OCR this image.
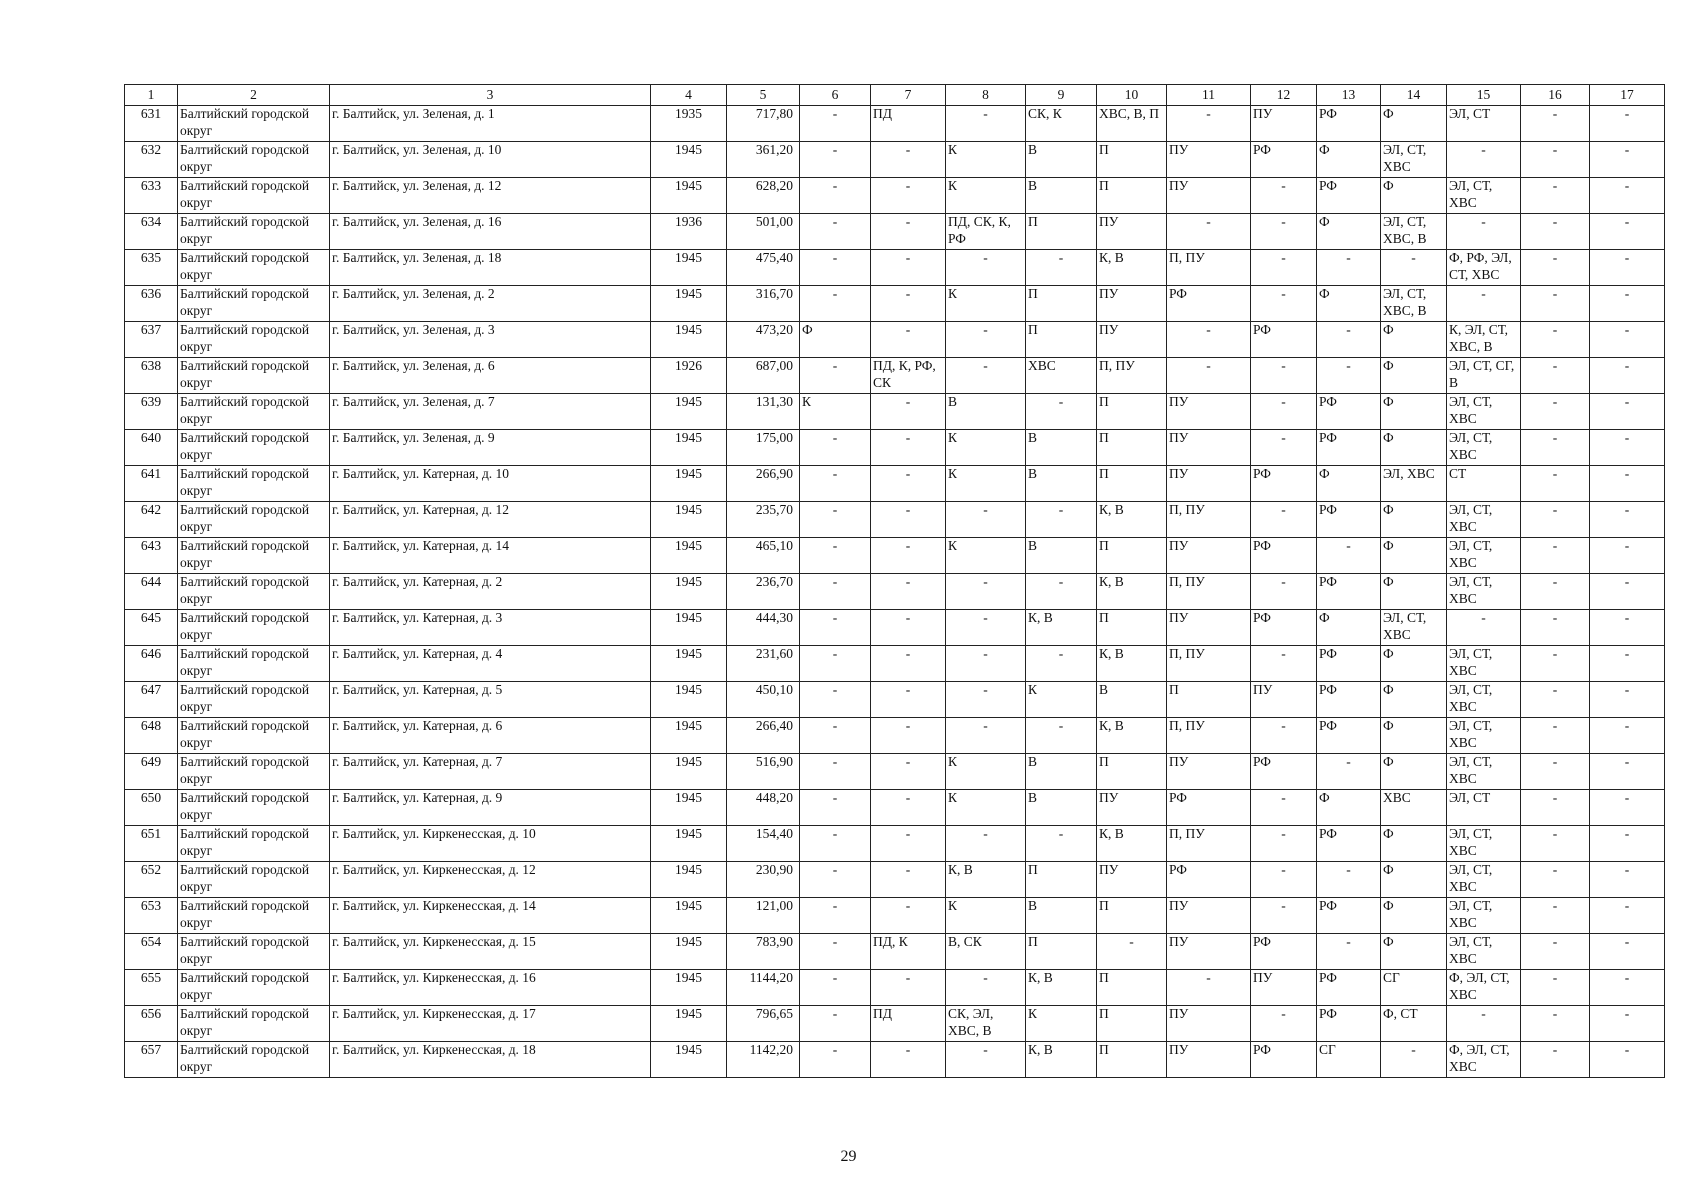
1	2	3	4	5	6	7	8	9	10	11	12	13	14	15	16	17
631	Балтийский городской округ	г. Балтийск, ул. Зеленая, д. 1	1935	717,80	-	ПД	-	СК, К	ХВС, В, П	-	ПУ	РФ	Ф	ЭЛ, СТ	-	-
632	Балтийский городской округ	г. Балтийск, ул. Зеленая, д. 10	1945	361,20	-	-	К	В	П	ПУ	РФ	Ф	ЭЛ, СТ, ХВС	-	-	-
633	Балтийский городской округ	г. Балтийск, ул. Зеленая, д. 12	1945	628,20	-	-	К	В	П	ПУ	-	РФ	Ф	ЭЛ, СТ, ХВС	-	-
634	Балтийский городской округ	г. Балтийск, ул. Зеленая, д. 16	1936	501,00	-	-	ПД, СК, К, РФ	П	ПУ	-	-	Ф	ЭЛ, СТ, ХВС, В	-	-	-
635	Балтийский городской округ	г. Балтийск, ул. Зеленая, д. 18	1945	475,40	-	-	-	-	К, В	П, ПУ	-	-	-	Ф, РФ, ЭЛ, СТ, ХВС	-	-
636	Балтийский городской округ	г. Балтийск, ул. Зеленая, д. 2	1945	316,70	-	-	К	П	ПУ	РФ	-	Ф	ЭЛ, СТ, ХВС, В	-	-	-
637	Балтийский городской округ	г. Балтийск, ул. Зеленая, д. 3	1945	473,20	Ф	-	-	П	ПУ	-	РФ	-	Ф	К, ЭЛ, СТ, ХВС, В	-	-
638	Балтийский городской округ	г. Балтийск, ул. Зеленая, д. 6	1926	687,00	-	ПД, К, РФ, СК	-	ХВС	П, ПУ	-	-	-	Ф	ЭЛ, СТ, СГ, В	-	-
639	Балтийский городской округ	г. Балтийск, ул. Зеленая, д. 7	1945	131,30	К	-	В	-	П	ПУ	-	РФ	Ф	ЭЛ, СТ, ХВС	-	-
640	Балтийский городской округ	г. Балтийск, ул. Зеленая, д. 9	1945	175,00	-	-	К	В	П	ПУ	-	РФ	Ф	ЭЛ, СТ, ХВС	-	-
641	Балтийский городской округ	г. Балтийск, ул. Катерная, д. 10	1945	266,90	-	-	К	В	П	ПУ	РФ	Ф	ЭЛ, ХВС	СТ	-	-
642	Балтийский городской округ	г. Балтийск, ул. Катерная, д. 12	1945	235,70	-	-	-	-	К, В	П, ПУ	-	РФ	Ф	ЭЛ, СТ, ХВС	-	-
643	Балтийский городской округ	г. Балтийск, ул. Катерная, д. 14	1945	465,10	-	-	К	В	П	ПУ	РФ	-	Ф	ЭЛ, СТ, ХВС	-	-
644	Балтийский городской округ	г. Балтийск, ул. Катерная, д. 2	1945	236,70	-	-	-	-	К, В	П, ПУ	-	РФ	Ф	ЭЛ, СТ, ХВС	-	-
645	Балтийский городской округ	г. Балтийск, ул. Катерная, д. 3	1945	444,30	-	-	-	К, В	П	ПУ	РФ	Ф	ЭЛ, СТ, ХВС	-	-	-
646	Балтийский городской округ	г. Балтийск, ул. Катерная, д. 4	1945	231,60	-	-	-	-	К, В	П, ПУ	-	РФ	Ф	ЭЛ, СТ, ХВС	-	-
647	Балтийский городской округ	г. Балтийск, ул. Катерная, д. 5	1945	450,10	-	-	-	К	В	П	ПУ	РФ	Ф	ЭЛ, СТ, ХВС	-	-
648	Балтийский городской округ	г. Балтийск, ул. Катерная, д. 6	1945	266,40	-	-	-	-	К, В	П, ПУ	-	РФ	Ф	ЭЛ, СТ, ХВС	-	-
649	Балтийский городской округ	г. Балтийск, ул. Катерная, д. 7	1945	516,90	-	-	К	В	П	ПУ	РФ	-	Ф	ЭЛ, СТ, ХВС	-	-
650	Балтийский городской округ	г. Балтийск, ул. Катерная, д. 9	1945	448,20	-	-	К	В	ПУ	РФ	-	Ф	ХВС	ЭЛ, СТ	-	-
651	Балтийский городской округ	г. Балтийск, ул. Киркенесская, д. 10	1945	154,40	-	-	-	-	К, В	П, ПУ	-	РФ	Ф	ЭЛ, СТ, ХВС	-	-
652	Балтийский городской округ	г. Балтийск, ул. Киркенесская, д. 12	1945	230,90	-	-	К, В	П	ПУ	РФ	-	-	Ф	ЭЛ, СТ, ХВС	-	-
653	Балтийский городской округ	г. Балтийск, ул. Киркенесская, д. 14	1945	121,00	-	-	К	В	П	ПУ	-	РФ	Ф	ЭЛ, СТ, ХВС	-	-
654	Балтийский городской округ	г. Балтийск, ул. Киркенесская, д. 15	1945	783,90	-	ПД, К	В, СК	П	-	ПУ	РФ	-	Ф	ЭЛ, СТ, ХВС	-	-
655	Балтийский городской округ	г. Балтийск, ул. Киркенесская, д. 16	1945	1144,20	-	-	-	К, В	П	-	ПУ	РФ	СГ	Ф, ЭЛ, СТ, ХВС	-	-
656	Балтийский городской округ	г. Балтийск, ул. Киркенесская, д. 17	1945	796,65	-	ПД	СК, ЭЛ, ХВС, В	К	П	ПУ	-	РФ	Ф, СТ	-	-	-
657	Балтийский городской округ	г. Балтийск, ул. Киркенесская, д. 18	1945	1142,20	-	-	-	К, В	П	ПУ	РФ	СГ	-	Ф, ЭЛ, СТ, ХВС	-	-
29
